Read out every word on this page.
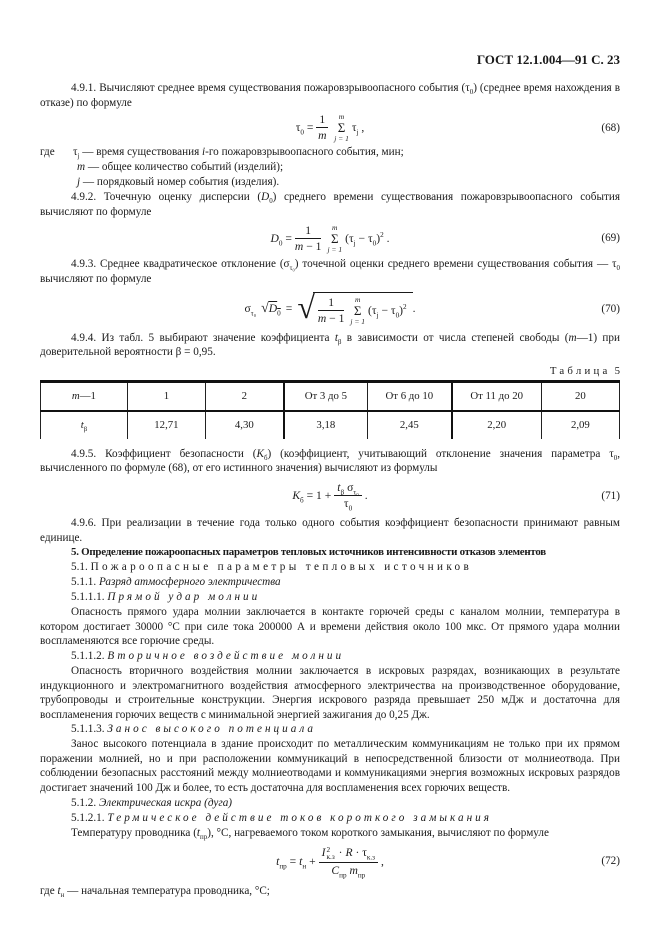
ГОСТ 12.1.004—91 С. 23

4.9.1. Вычисляют среднее время существования пожаровзрывоопасного события $(\tau_0)$ (среднее время нахождения в отказе) по формуле

$\tau_0 = \frac{1}{m}$ m
Σ
j = 1
$\tau_j$ ,	(68)
где	$\tau_j$ — время существования i-го пожаровзрывоопасного события, мин;
m — общее количество событий (изделий);
j — порядковый номер события (изделия).

4.9.2. Точечную оценку дисперсии $(D_0)$ среднего времени существования пожаровзрывоопасного события вычисляют по формуле

$D_0 = \frac{1}{m - 1}$ m
Σ
j = 1
$(\tau_j - \tau_0)^2$ .	(69)

4.9.3. Среднее квадратическое отклонение $(\sigma_{\tau_0})$ точечной оценки среднего времени существования события — $\tau_0$ вычисляют по формуле

$\sigma_{\tau_0}$ √ $D_0$ = √ $\frac{1}{m - 1}$ m
Σ
j = 1
$(\tau_j - \tau_0)^2$ .	(70)

4.9.4. Из табл. 5 выбирают значение коэффициента $t_\beta$ в зависимости от числа степеней свободы (m—1) при доверительной вероятности β = 0,95.

Таблица 5
m—1	1	2	От 3 до 5	От 6 до 10	От 11 до 20	20
$t_\beta$	12,71	4,30	3,18	2,45	2,20	2,09

4.9.5. Коэффициент безопасности $(K_б)$ (коэффициент, учитывающий отклонение значения параметра $\tau_0$, вычисленного по формуле (68), от его истинного значения) вычисляют из формулы

$K_б = 1 + \frac{t_\beta \sigma_{\tau_0}}{\tau_0}$ .	(71)

4.9.6. При реализации в течение года только одного события коэффициент безопасности принимают равным единице.

5. Определение пожароопасных параметров тепловых источников интенсивности отказов элементов

5.1. Пожароопасные параметры тепловых источников

5.1.1. Разряд атмосферного электричества

5.1.1.1. Прямой удар молнии

Опасность прямого удара молнии заключается в контакте горючей среды с каналом молнии, температура в котором достигает 30000 °С при силе тока 200000 А и времени действия около 100 мкс. От прямого удара молнии воспламеняются все горючие среды.

5.1.1.2. Вторичное воздействие молнии

Опасность вторичного воздействия молнии заключается в искровых разрядах, возникающих в результате индукционного и электромагнитного воздействия атмосферного электричества на производственное оборудование, трубопроводы и строительные конструкции. Энергия искрового разряда превышает 250 мДж и достаточна для воспламенения горючих веществ с минимальной энергией зажигания до 0,25 Дж.

5.1.1.3. Занос высокого потенциала

Занос высокого потенциала в здание происходит по металлическим коммуникациям не только при их прямом поражении молнией, но и при расположении коммуникаций в непосредственной близости от молниеотвода. При соблюдении безопасных расстояний между молниеотводами и коммуникациями энергия возможных искровых разрядов достигает значений 100 Дж и более, то есть достаточна для воспламенения всех горючих веществ.

5.1.2. Электрическая искра (дуга)

5.1.2.1. Термическое действие токов короткого замыкания

Температуру проводника $(t_{пр})$, °С, нагреваемого током короткого замыкания, вычисляют по формуле

$t_{пр} = t_н + I$ 2
$к.з \cdot R \cdot \tau_{к.з}$
$C_{пр}$ $m_{пр}$ ,	(72)

где $t_н$ — начальная температура проводника, °С;
